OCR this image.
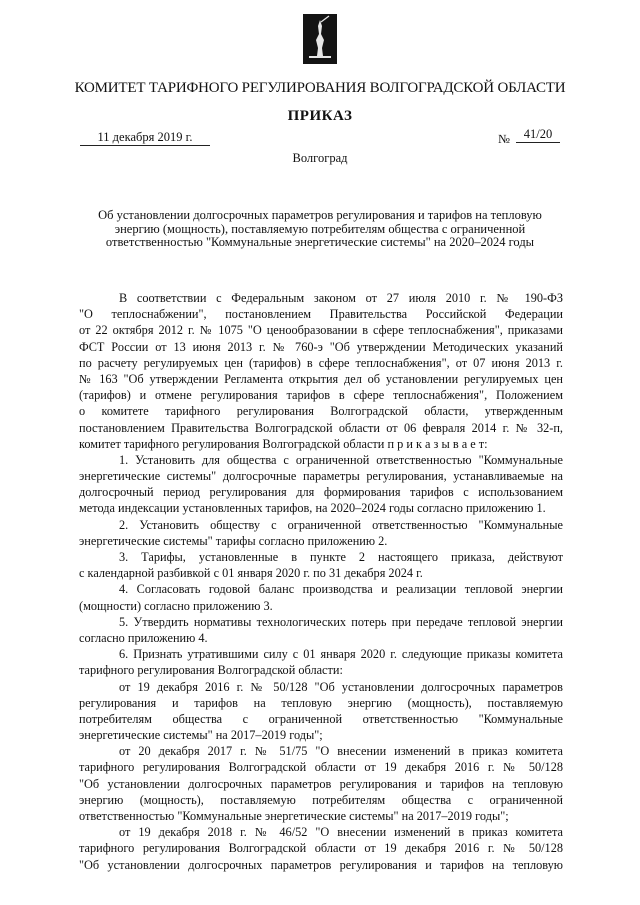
КОМИТЕТ ТАРИФНОГО РЕГУЛИРОВАНИЯ ВОЛГОГРАДСКОЙ ОБЛАСТИ
ПРИКАЗ
11 декабря 2019 г.	№	41/20
Волгоград
Об установлении долгосрочных параметров регулирования и тарифов на тепловую
энергию (мощность), поставляемую потребителям общества с ограниченной
ответственностью "Коммунальные энергетические системы" на 2020–2024 годы
В соответствии с Федеральным законом от 27 июля 2010 г. № 190-ФЗ
"О теплоснабжении", постановлением Правительства Российской Федерации
от 22 октября 2012 г. № 1075 "О ценообразовании в сфере теплоснабжения", приказами
ФСТ России от 13 июня 2013 г. № 760-э "Об утверждении Методических указаний
по расчету регулируемых цен (тарифов) в сфере теплоснабжения", от 07 июня 2013 г.
№ 163 "Об утверждении Регламента открытия дел об установлении регулируемых цен
(тарифов) и отмене регулирования тарифов в сфере теплоснабжения", Положением
о комитете тарифного регулирования Волгоградской области, утвержденным
постановлением Правительства Волгоградской области от 06 февраля 2014 г. № 32-п,
комитет тарифного регулирования Волгоградской области п р и к а з ы в а е т:
1. Установить для общества с ограниченной ответственностью "Коммунальные
энергетические системы" долгосрочные параметры регулирования, устанавливаемые на
долгосрочный период регулирования для формирования тарифов с использованием
метода индексации установленных тарифов, на 2020–2024 годы согласно приложению 1.
2. Установить обществу с ограниченной ответственностью "Коммунальные
энергетические системы" тарифы согласно приложению 2.
3. Тарифы, установленные в пункте 2 настоящего приказа, действуют
с календарной разбивкой с 01 января 2020 г. по 31 декабря 2024 г.
4. Согласовать годовой баланс производства и реализации тепловой энергии
(мощности) согласно приложению 3.
5. Утвердить нормативы технологических потерь при передаче тепловой энергии
согласно приложению 4.
6. Признать утратившими силу с 01 января 2020 г. следующие приказы комитета
тарифного регулирования Волгоградской области:
от 19 декабря 2016 г. № 50/128 "Об установлении долгосрочных параметров
регулирования и тарифов на тепловую энергию (мощность), поставляемую
потребителям общества с ограниченной ответственностью "Коммунальные
энергетические системы" на 2017–2019 годы";
от 20 декабря 2017 г. № 51/75 "О внесении изменений в приказ комитета
тарифного регулирования Волгоградской области от 19 декабря 2016 г. № 50/128
"Об установлении долгосрочных параметров регулирования и тарифов на тепловую
энергию (мощность), поставляемую потребителям общества с ограниченной
ответственностью "Коммунальные энергетические системы" на 2017–2019 годы";
от 19 декабря 2018 г. № 46/52 "О внесении изменений в приказ комитета
тарифного регулирования Волгоградской области от 19 декабря 2016 г. № 50/128
"Об установлении долгосрочных параметров регулирования и тарифов на тепловую
